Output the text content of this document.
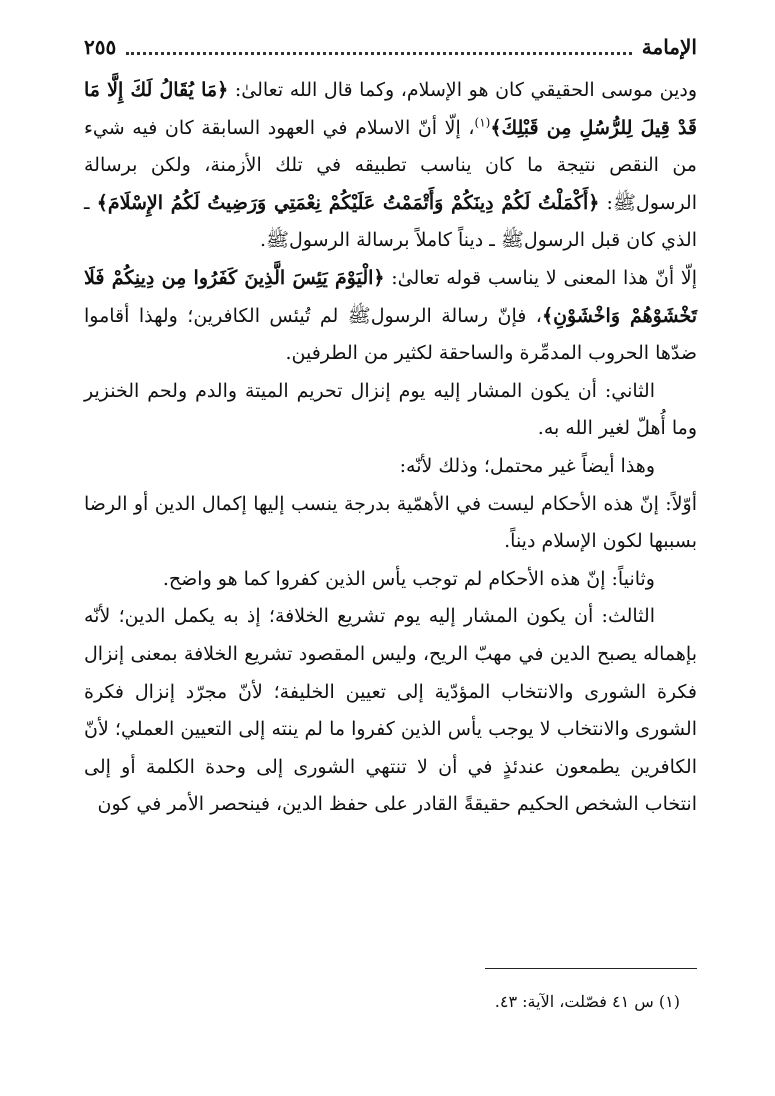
الإمامة
٢٥٥

ودين موسى الحقيقي كان هو الإسلام، وكما قال الله تعالىٰ: ﴿مَا يُقَالُ لَكَ إِلَّا مَا قَدْ قِيلَ لِلرُّسُلِ مِن قَبْلِكَ﴾$^{(١)}$، إلّا أنّ الاسلام في العهود السابقة كان فيه شيء من النقص نتيجة ما كان يناسب تطبيقه في تلك الأزمنة، ولكن برسالة الرسولﷺ: ﴿أَكْمَلْتُ لَكُمْ دِينَكُمْ وَأَتْمَمْتُ عَلَيْكُمْ نِعْمَتِي وَرَضِيتُ لَكُمُ الإِسْلَامَ﴾ ـ الذي كان قبل الرسولﷺ ـ ديناً كاملاً برسالة الرسولﷺ.

إلّا أنّ هذا المعنى لا يناسب قوله تعالىٰ: ﴿الْيَوْمَ يَئِسَ الَّذِينَ كَفَرُوا مِن دِينِكُمْ فَلَا تَخْشَوْهُمْ وَاخْشَوْنِ﴾، فإنّ رسالة الرسولﷺ لم تُيئس الكافرين؛ ولهذا أقاموا ضدّها الحروب المدمِّرة والساحقة لكثير من الطرفين.

الثاني: أن يكون المشار إليه يوم إنزال تحريم الميتة والدم ولحم الخنزير وما أُهلّ لغير الله به.

وهذا أيضاً غير محتمل؛ وذلك لأنّه:

أوّلاً: إنّ هذه الأحكام ليست في الأهمّية بدرجة ينسب إليها إكمال الدين أو الرضا بسببها لكون الإسلام ديناً.

وثانياً: إنّ هذه الأحكام لم توجب يأس الذين كفروا كما هو واضح.

الثالث: أن يكون المشار إليه يوم تشريع الخلافة؛ إذ به يكمل الدين؛ لأنّه بإهماله يصبح الدين في مهبّ الريح، وليس المقصود تشريع الخلافة بمعنى إنزال فكرة الشورى والانتخاب المؤدّية إلى تعيين الخليفة؛ لأنّ مجرّد إنزال فكرة الشورى والانتخاب لا يوجب يأس الذين كفروا ما لم ينته إلى التعيين العملي؛ لأنّ الكافرين يطمعون عندئذٍ في أن لا تنتهي الشورى إلى وحدة الكلمة أو إلى انتخاب الشخص الحكيم حقيقةً القادر على حفظ الدين، فينحصر الأمر في كون

(١) س ٤١ فصّلت، الآية: ٤٣.
